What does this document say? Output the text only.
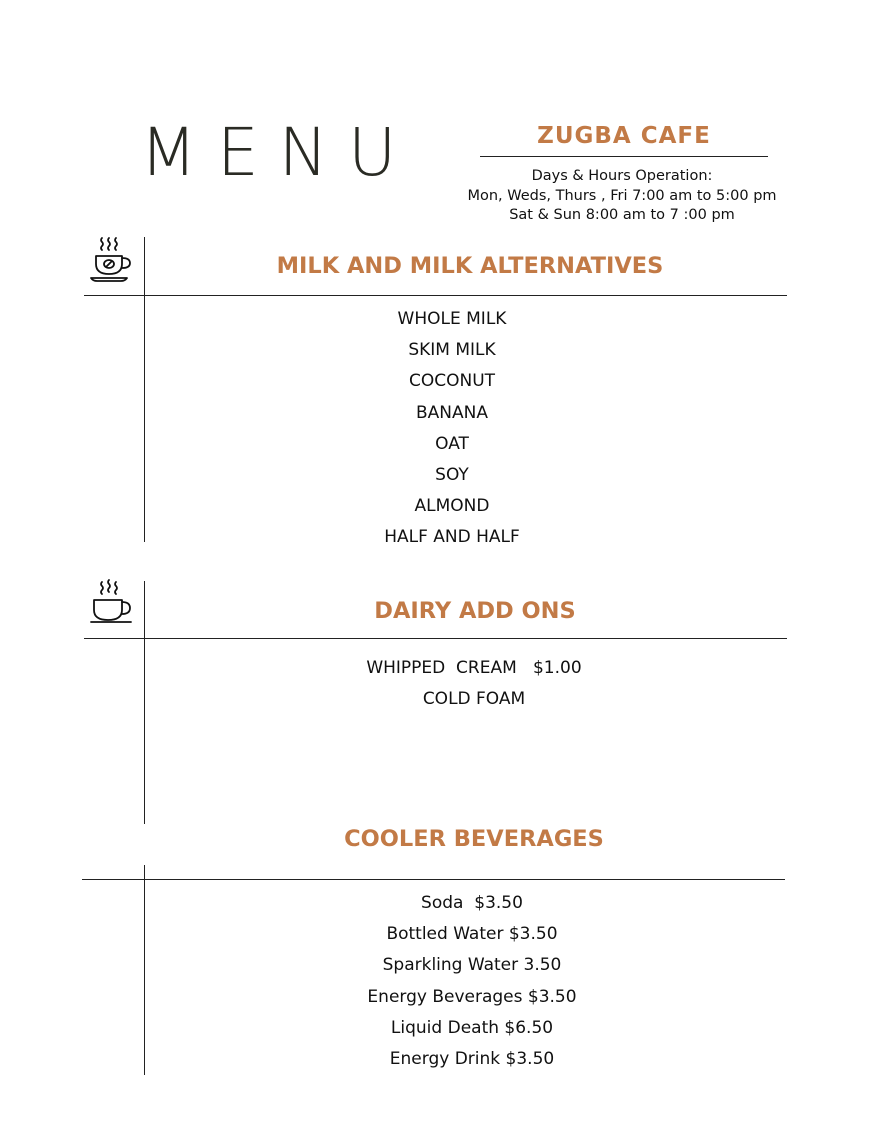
MENU	ZUGBA CAFE
Days & Hours Operation:
Mon, Weds, Thurs , Fri 7:00 am to 5:00 pm
Sat & Sun 8:00 am to 7 :00 pm
MILK AND MILK ALTERNATIVES
WHOLE MILK
SKIM MILK
COCONUT
BANANA
OAT
SOY
ALMOND
HALF AND HALF
DAIRY ADD ONS
WHIPPED  CREAM   $1.00
COLD FOAM
COOLER BEVERAGES
Soda  $3.50
Bottled Water $3.50
Sparkling Water 3.50
Energy Beverages $3.50
Liquid Death $6.50
Energy Drink $3.50
